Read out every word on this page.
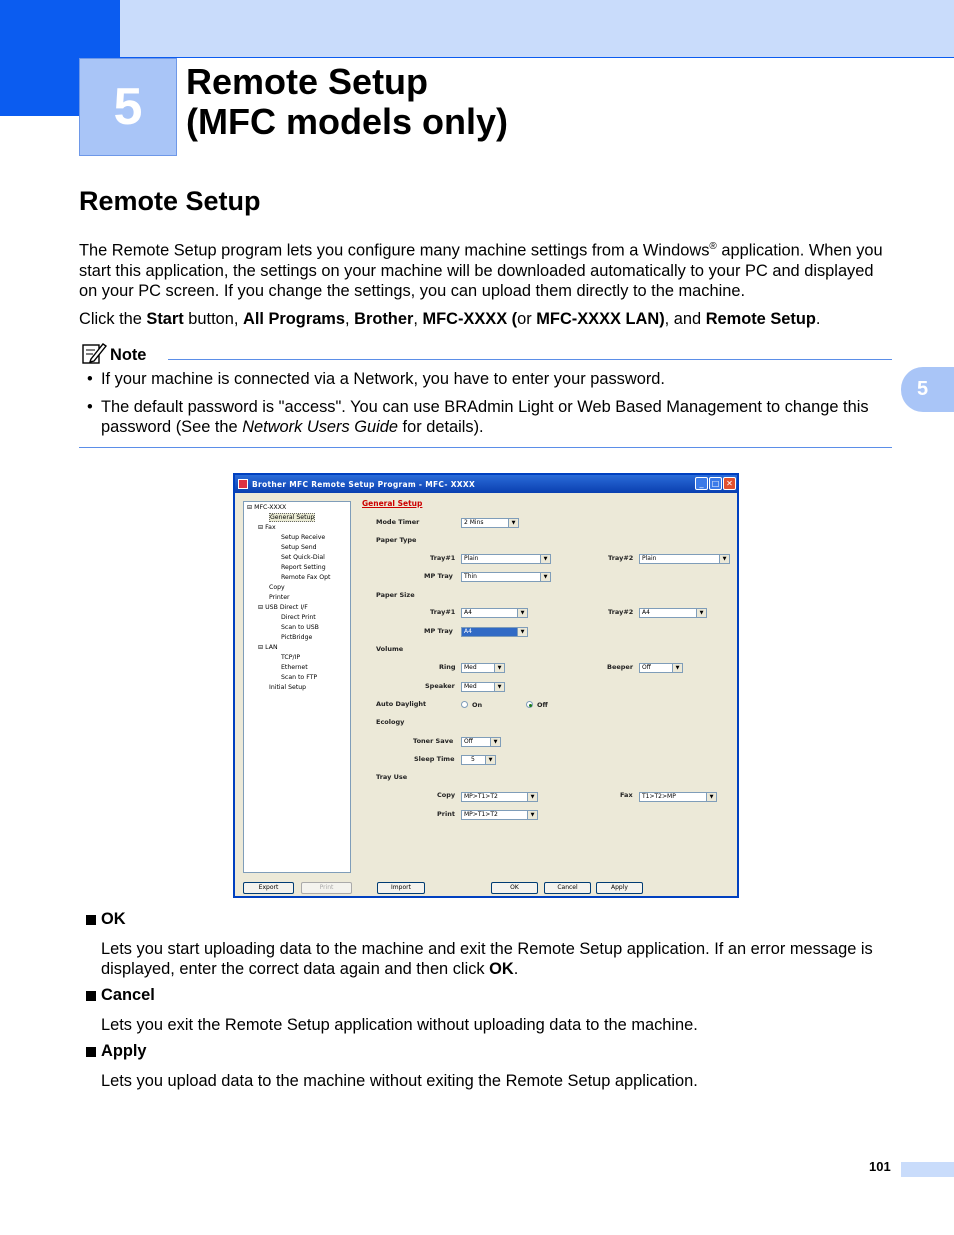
5 Remote Setup
(MFC models only)
5
Remote Setup

The Remote Setup program lets you configure many machine settings from a Windows® application. When you start this application, the settings on your machine will be downloaded automatically to your PC and displayed on your PC screen. If you change the settings, you can upload them directly to the machine.

Click the Start button, All Programs, Brother, MFC-XXXX (or MFC-XXXX LAN), and Remote Setup.

Note
• If your machine is connected via a Network, you have to enter your password.
• The default password is "access". You can use BRAdmin Light or Web Based Management to change this password (See the Network Users Guide for details).
Brother MFC Remote Setup Program - MFC- XXXX	_	□ ✕
⊟ MFC-XXXX
General Setup
⊟ Fax
Setup Receive
Setup Send
Set Quick-Dial
Report Setting
Remote Fax Opt
Copy
Printer
⊟ USB Direct I/F
Direct Print
Scan to USB
PictBridge
⊟ LAN
TCP/IP
Ethernet
Scan to FTP
Initial Setup
General Setup
Mode Timer	2 Mins ▼
Paper Type
Tray#1	Plain ▼	Tray#2	Plain ▼
MP Tray	Thin ▼
Paper Size
Tray#1	A4 ▼	Tray#2	A4 ▼
MP Tray	A4 ▼
Volume
Ring	Med ▼	Beeper	Off ▼
Speaker	Med ▼
Auto Daylight	On	Off
Ecology
Toner Save	Off ▼
Sleep Time	5 ▼
Tray Use
Copy	MP>T1>T2 ▼	Fax	T1>T2>MP ▼
Print	MP>T1>T2 ▼
Export	Print	Import	OK	Cancel	Apply
OK
Lets you start uploading data to the machine and exit the Remote Setup application. If an error message is displayed, enter the correct data again and then click OK.
Cancel
Lets you exit the Remote Setup application without uploading data to the machine.
Apply
Lets you upload data to the machine without exiting the Remote Setup application.
101
